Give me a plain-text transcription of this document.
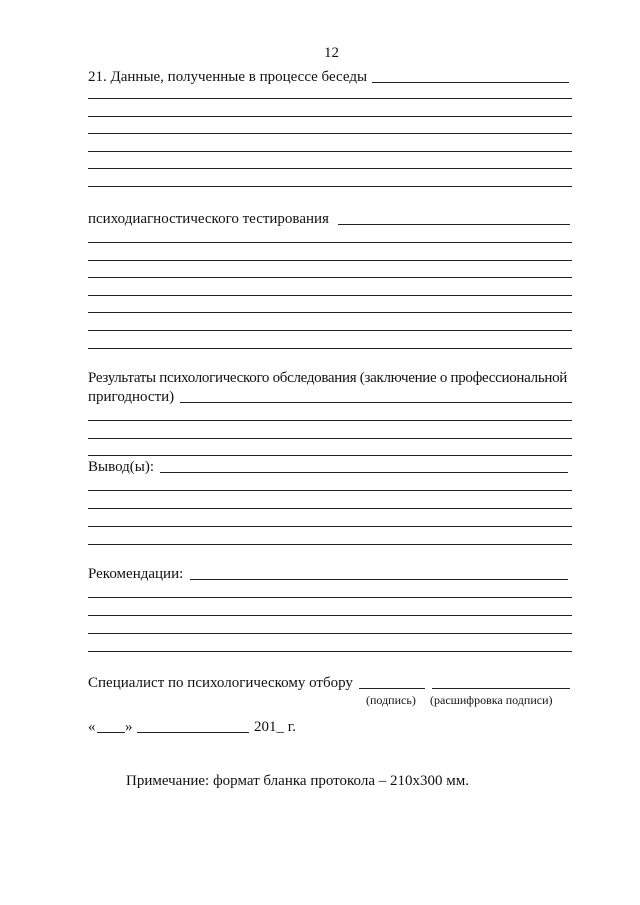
12
21. Данные, полученные в процессе беседы
психодиагностического тестирования
Результаты психологического обследования (заключение о профессиональной
пригодности)
Вывод(ы):
Рекомендации:
Специалист по психологическому отбору
(подпись) (расшифровка подписи)
« »	201_ г.
Примечание: формат бланка протокола – 210х300 мм.
